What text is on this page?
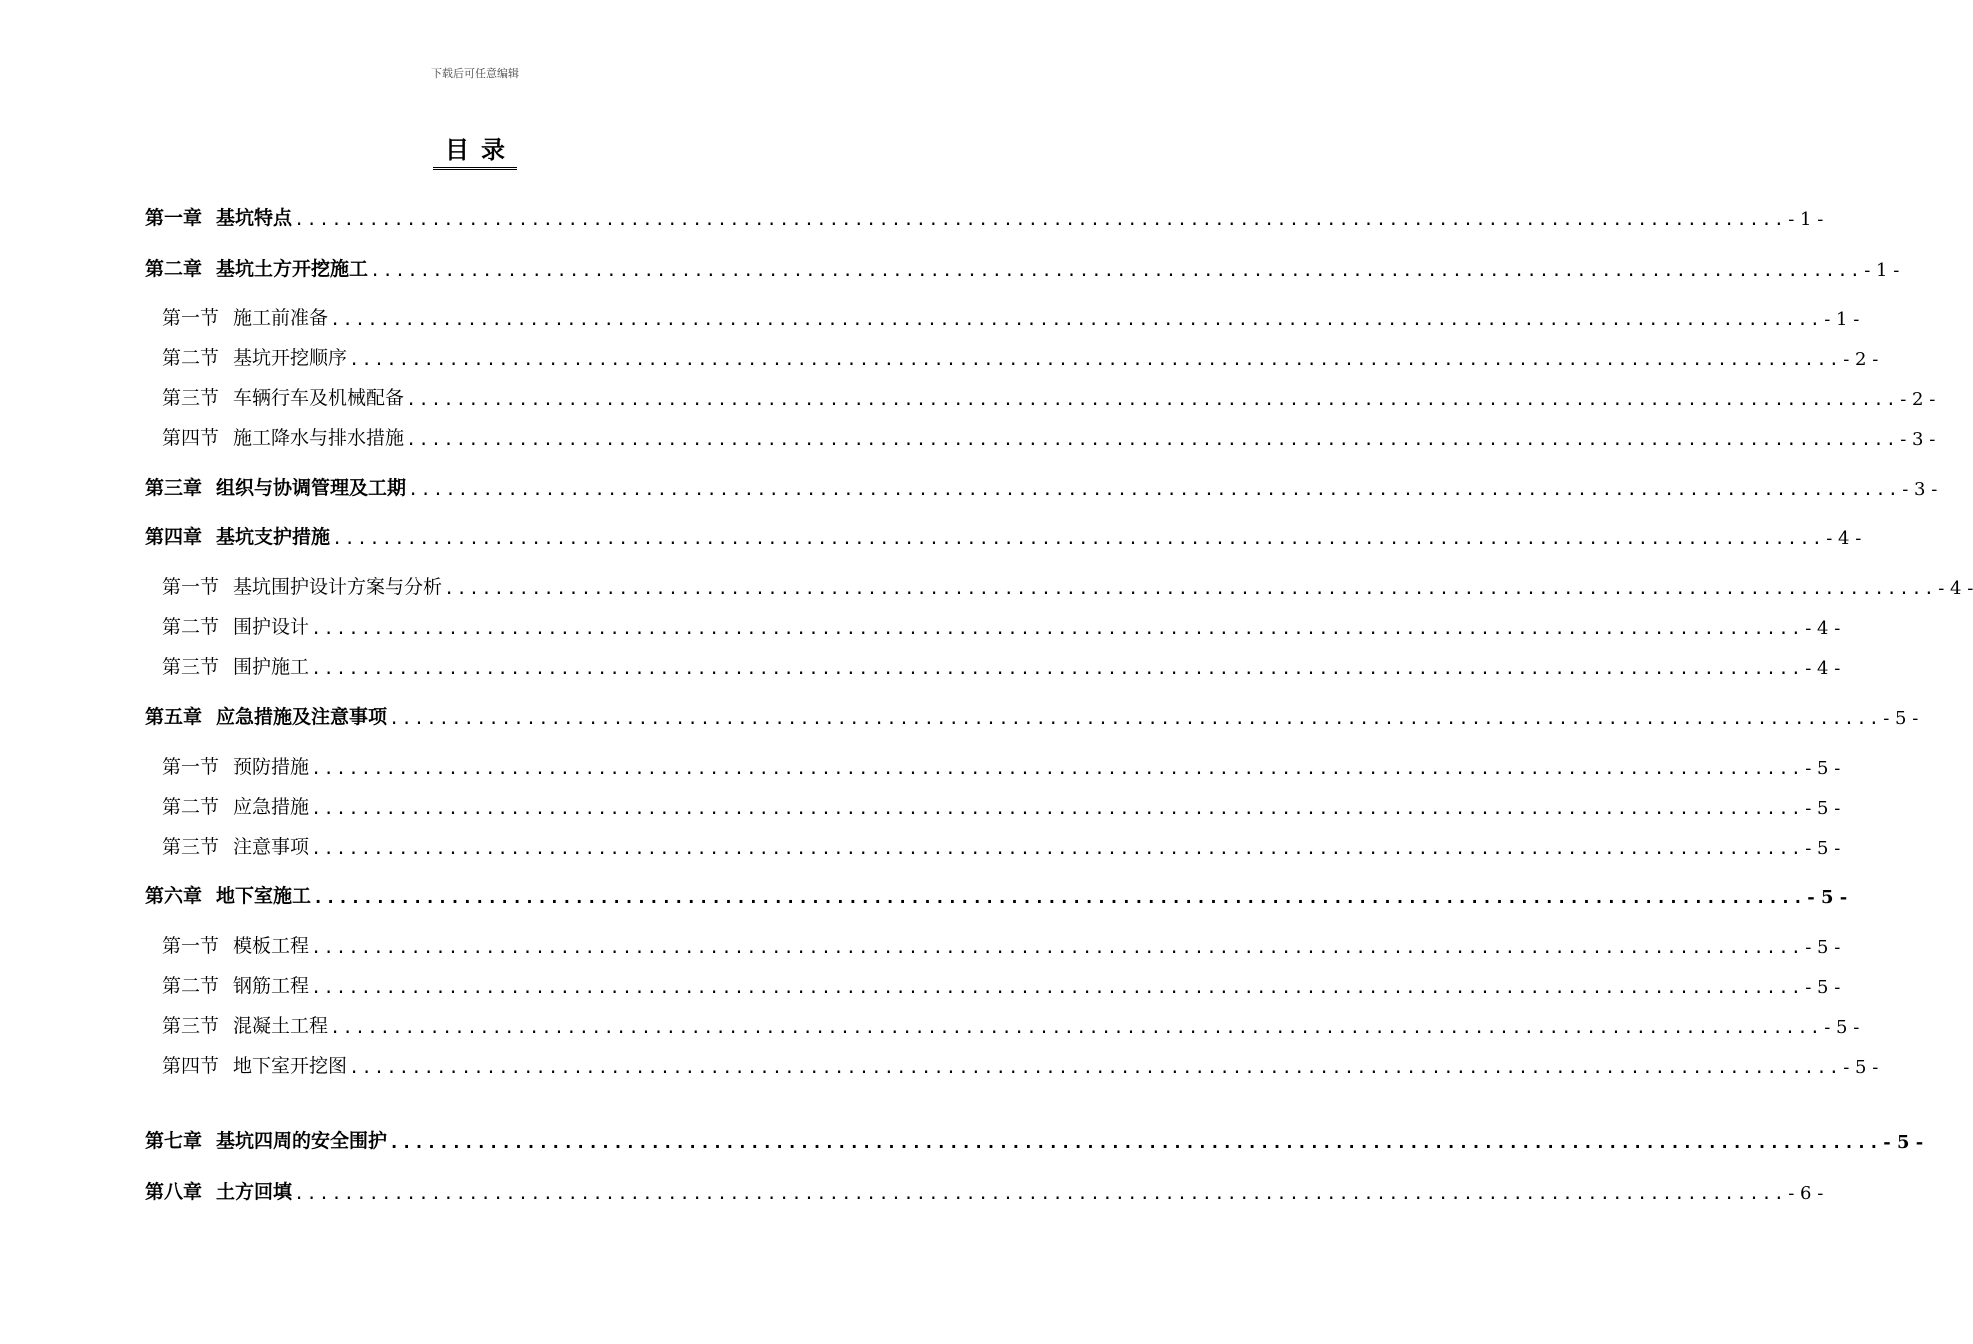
下载后可任意编辑
目录
第一章 基坑特点 ........................................................................................................................ - 1 -
第二章 基坑土方开挖施工 ........................................................................................................................ - 1 -
第一节 施工前准备 ........................................................................................................................ - 1 -
第二节 基坑开挖顺序 ........................................................................................................................ - 2 -
第三节 车辆行车及机械配备 ........................................................................................................................ - 2 -
第四节 施工降水与排水措施 ........................................................................................................................ - 3 -
第三章 组织与协调管理及工期 ........................................................................................................................ - 3 -
第四章 基坑支护措施 ........................................................................................................................ - 4 -
第一节 基坑围护设计方案与分析 ........................................................................................................................ - 4 -
第二节 围护设计 ........................................................................................................................ - 4 -
第三节 围护施工 ........................................................................................................................ - 4 -
第五章 应急措施及注意事项 ........................................................................................................................ - 5 -
第一节 预防措施 ........................................................................................................................ - 5 -
第二节 应急措施 ........................................................................................................................ - 5 -
第三节 注意事项 ........................................................................................................................ - 5 -
第六章 地下室施工 ........................................................................................................................ - 5 -
第一节 模板工程 ........................................................................................................................ - 5 -
第二节 钢筋工程 ........................................................................................................................ - 5 -
第三节 混凝土工程 ........................................................................................................................ - 5 -
第四节 地下室开挖图 ........................................................................................................................ - 5 -
第七章 基坑四周的安全围护 ........................................................................................................................ - 5 -
第八章 土方回填 ........................................................................................................................ - 6 -
